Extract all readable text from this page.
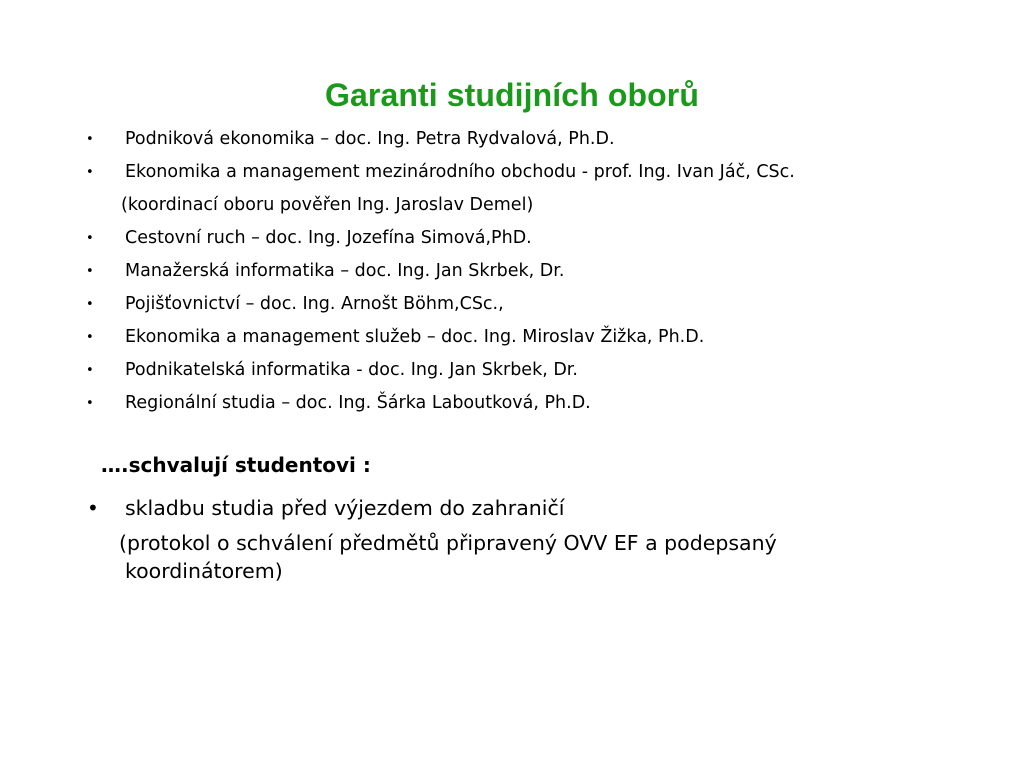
Garanti studijních oborů
• Podniková ekonomika – doc. Ing. Petra Rydvalová, Ph.D.
• Ekonomika a management mezinárodního obchodu - prof. Ing. Ivan Jáč, CSc.
(koordinací oboru pověřen Ing. Jaroslav Demel)
• Cestovní ruch – doc. Ing. Jozefína Simová,PhD.
• Manažerská informatika – doc. Ing. Jan Skrbek, Dr.
• Pojišťovnictví – doc. Ing. Arnošt Böhm,CSc.,
• Ekonomika a management služeb – doc. Ing. Miroslav Žižka, Ph.D.
• Podnikatelská informatika - doc. Ing. Jan Skrbek, Dr.
• Regionální studia – doc. Ing. Šárka Laboutková, Ph.D.
….schvalují studentovi :
• skladbu studia před výjezdem do zahraničí
(protokol o schválení předmětů připravený OVV EF a podepsaný
koordinátorem)
